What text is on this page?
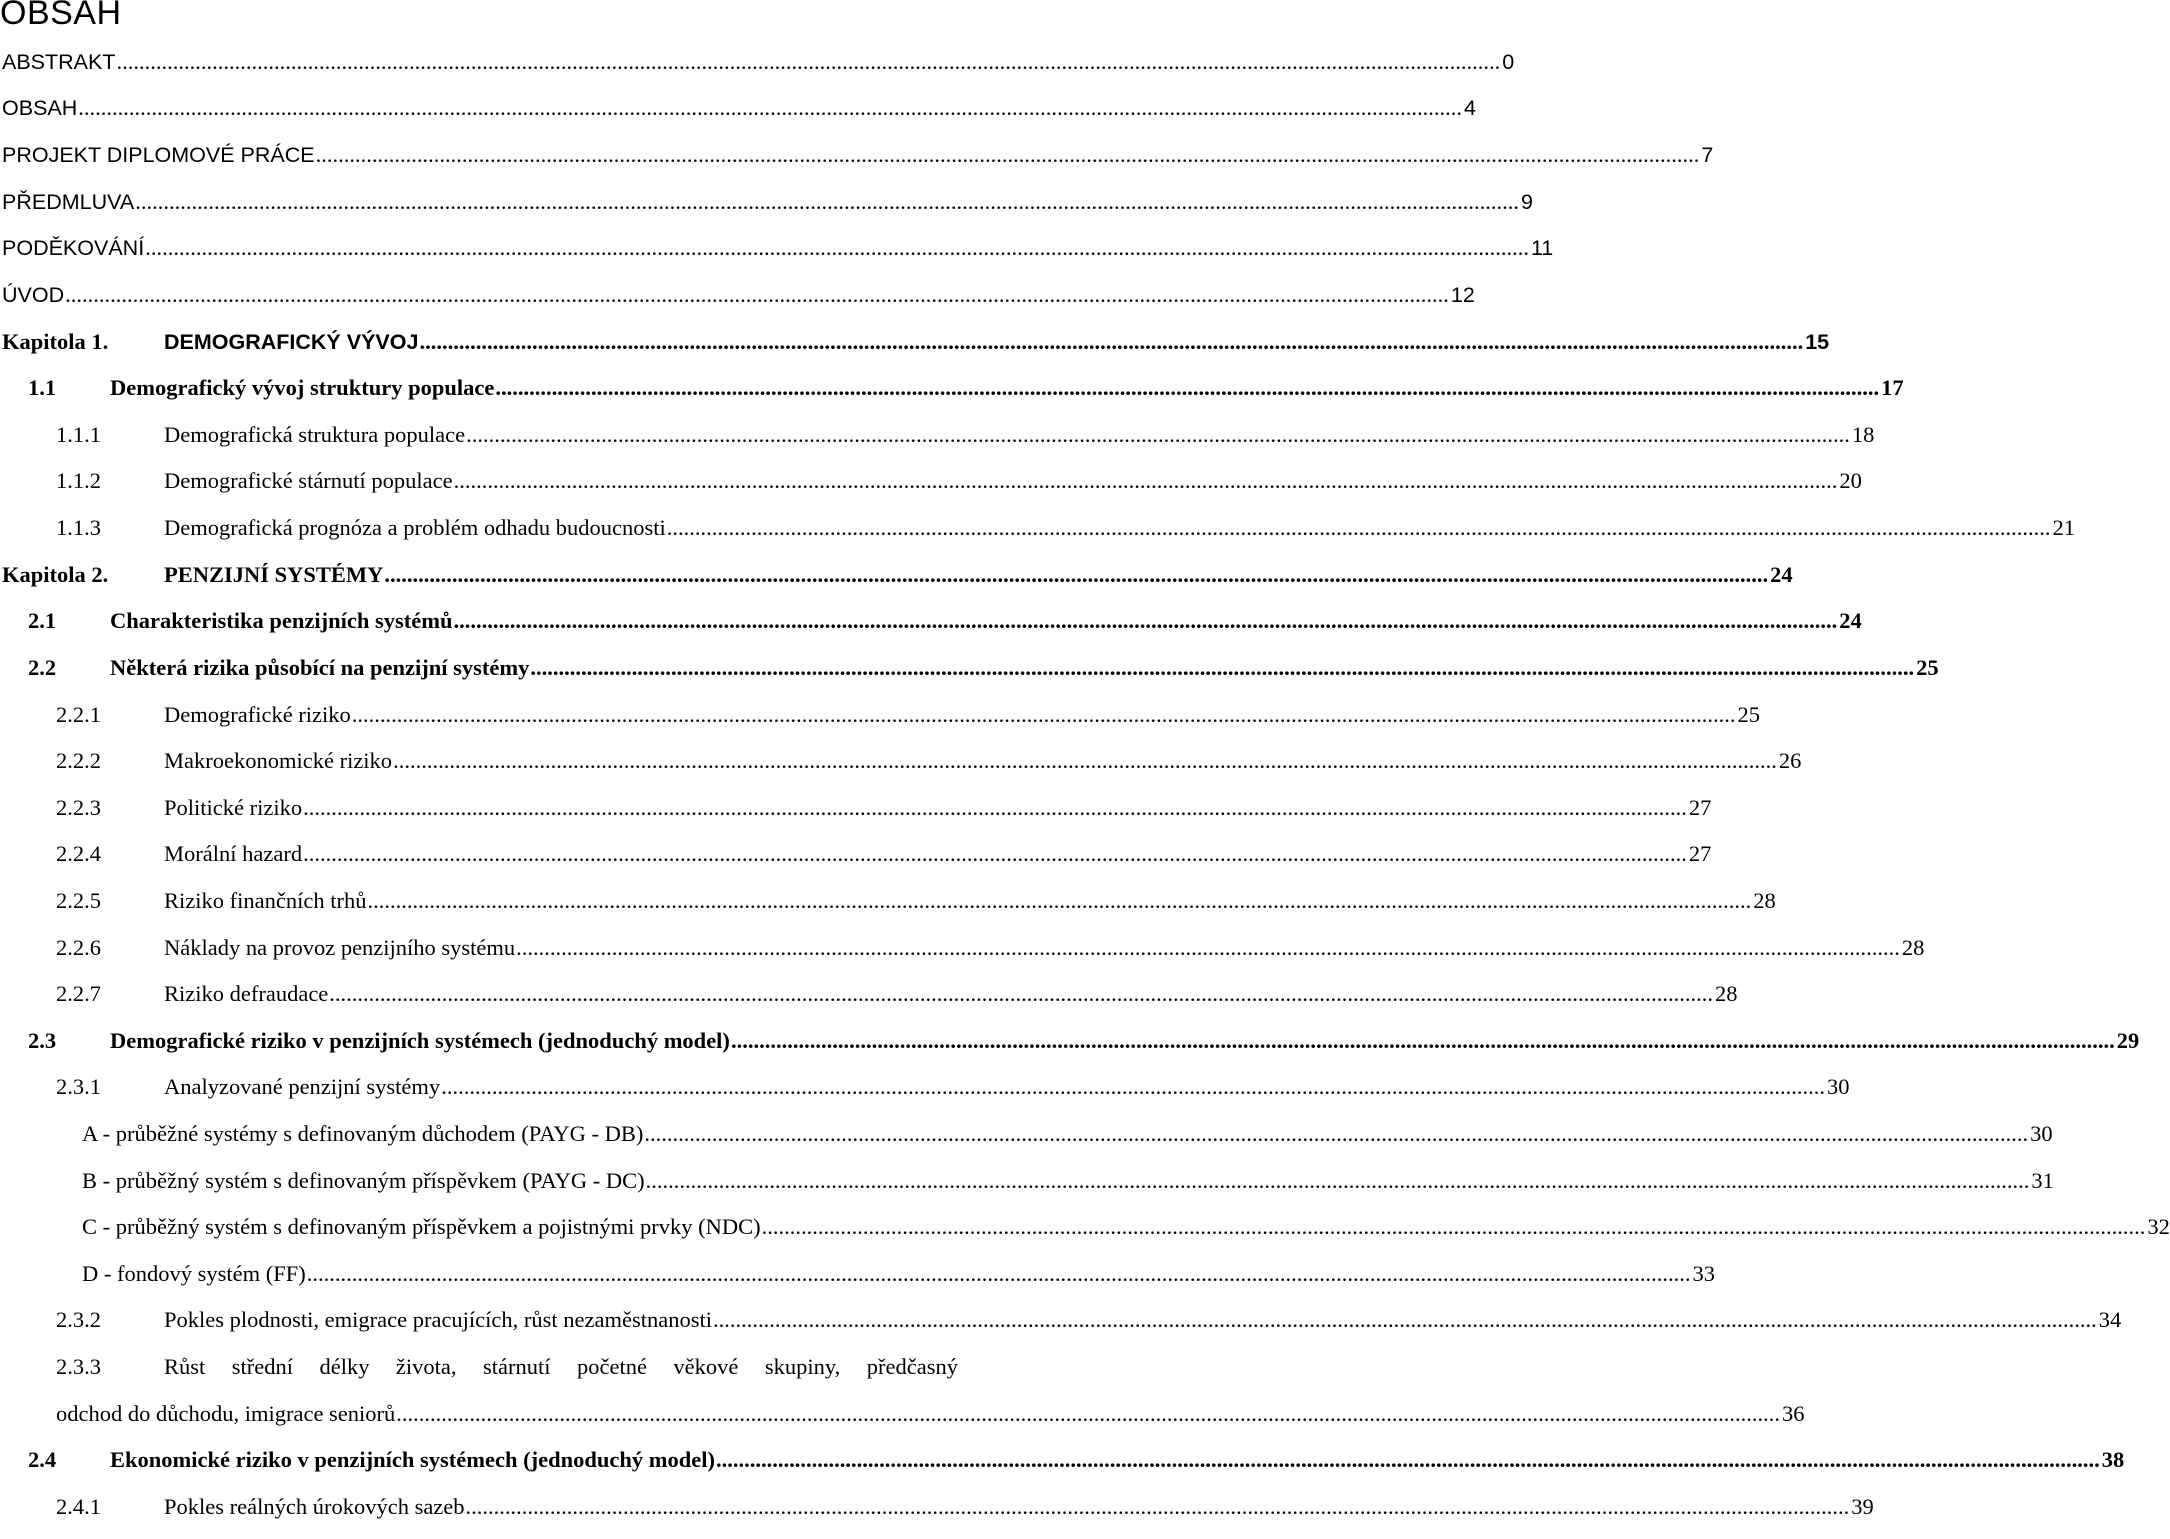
OBSAH
ABSTRAKT .....	0
OBSAH .....	4
PROJEKT DIPLOMOVÉ PRÁCE .....	7
PŘEDMLUVA .....	9
PODĚKOVÁNÍ .....	11
ÚVOD .....	12
Kapitola 1.	DEMOGRAFICKÝ VÝVOJ .....	15
1.1	Demografický vývoj struktury populace .....	17
1.1.1	Demografická struktura populace .....	18
1.1.2	Demografické stárnutí populace .....	20
1.1.3	Demografická prognóza a problém odhadu budoucnosti .....	21
Kapitola 2.	PENZIJNÍ SYSTÉMY .....	24
2.1	Charakteristika penzijních systémů .....	24
2.2	Některá rizika působící na penzijní systémy .....	25
2.2.1	Demografické riziko .....	25
2.2.2	Makroekonomické riziko .....	26
2.2.3	Politické riziko .....	27
2.2.4	Morální hazard .....	27
2.2.5	Riziko finančních trhů .....	28
2.2.6	Náklady na provoz penzijního systému .....	28
2.2.7	Riziko defraudace .....	28
2.3	Demografické riziko v penzijních systémech (jednoduchý model) .....	29
2.3.1	Analyzované penzijní systémy .....	30
A - průběžné systémy s definovaným důchodem (PAYG - DB) .....	30
B - průběžný systém s definovaným příspěvkem (PAYG - DC) .....	31
C - průběžný systém s definovaným příspěvkem a pojistnými prvky (NDC) .....	32
D - fondový systém (FF) .....	33
2.3.2	Pokles plodnosti, emigrace pracujících, růst nezaměstnanosti .....	34
2.3.3	Růst střední délky života, stárnutí početné věkové skupiny, předčasný
odchod do důchodu, imigrace seniorů .....	36
2.4	Ekonomické riziko v penzijních systémech (jednoduchý model) .....	38
2.4.1	Pokles reálných úrokových sazeb .....	39
